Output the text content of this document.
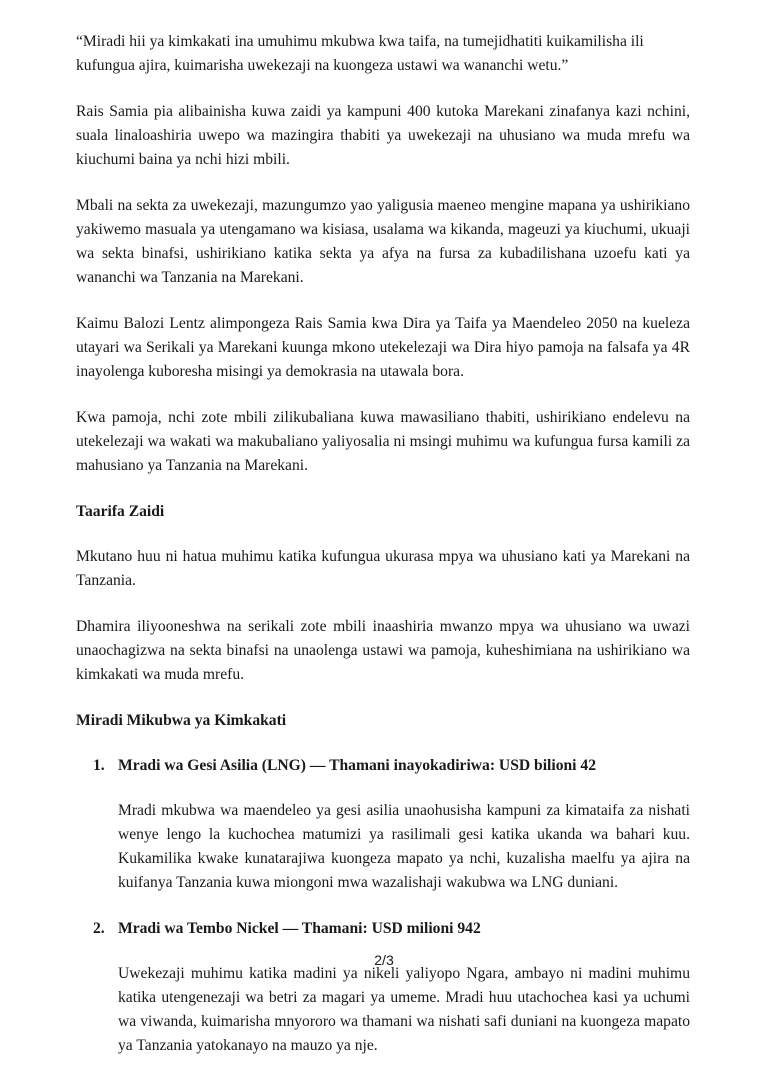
“Miradi hii ya kimkakati ina umuhimu mkubwa kwa taifa, na tumejidhatiti kuikamilisha ili kufungua ajira, kuimarisha uwekezaji na kuongeza ustawi wa wananchi wetu.”

Rais Samia pia alibainisha kuwa zaidi ya kampuni 400 kutoka Marekani zinafanya kazi nchini, suala linaloashiria uwepo wa mazingira thabiti ya uwekezaji na uhusiano wa muda mrefu wa kiuchumi baina ya nchi hizi mbili.

Mbali na sekta za uwekezaji, mazungumzo yao yaligusia maeneo mengine mapana ya ushirikiano yakiwemo masuala ya utengamano wa kisiasa, usalama wa kikanda, mageuzi ya kiuchumi, ukuaji wa sekta binafsi, ushirikiano katika sekta ya afya na fursa za kubadilishana uzoefu kati ya wananchi wa Tanzania na Marekani.

Kaimu Balozi Lentz alimpongeza Rais Samia kwa Dira ya Taifa ya Maendeleo 2050 na kueleza utayari wa Serikali ya Marekani kuunga mkono utekelezaji wa Dira hiyo pamoja na falsafa ya 4R inayolenga kuboresha misingi ya demokrasia na utawala bora.

Kwa pamoja, nchi zote mbili zilikubaliana kuwa mawasiliano thabiti, ushirikiano endelevu na utekelezaji wa wakati wa makubaliano yaliyosalia ni msingi muhimu wa kufungua fursa kamili za mahusiano ya Tanzania na Marekani.

Taarifa Zaidi

Mkutano huu ni hatua muhimu katika kufungua ukurasa mpya wa uhusiano kati ya Marekani na Tanzania.

Dhamira iliyooneshwa na serikali zote mbili inaashiria mwanzo mpya wa uhusiano wa uwazi unaochagizwa na sekta binafsi na unaolenga ustawi wa pamoja, kuheshimiana na ushirikiano wa kimkakati wa muda mrefu.

Miradi Mikubwa ya Kimkakati
1. Mradi wa Gesi Asilia (LNG) — Thamani inayokadiriwa: USD bilioni 42

Mradi mkubwa wa maendeleo ya gesi asilia unaohusisha kampuni za kimataifa za nishati wenye lengo la kuchochea matumizi ya rasilimali gesi katika ukanda wa bahari kuu. Kukamilika kwake kunatarajiwa kuongeza mapato ya nchi, kuzalisha maelfu ya ajira na kuifanya Tanzania kuwa miongoni mwa wazalishaji wakubwa wa LNG duniani.

2. Mradi wa Tembo Nickel — Thamani: USD milioni 942

Uwekezaji muhimu katika madini ya nikeli yaliyopo Ngara, ambayo ni madini muhimu katika utengenezaji wa betri za magari ya umeme. Mradi huu utachochea kasi ya uchumi wa viwanda, kuimarisha mnyororo wa thamani wa nishati safi duniani na kuongeza mapato ya Tanzania yatokanayo na mauzo ya nje.

2/3
